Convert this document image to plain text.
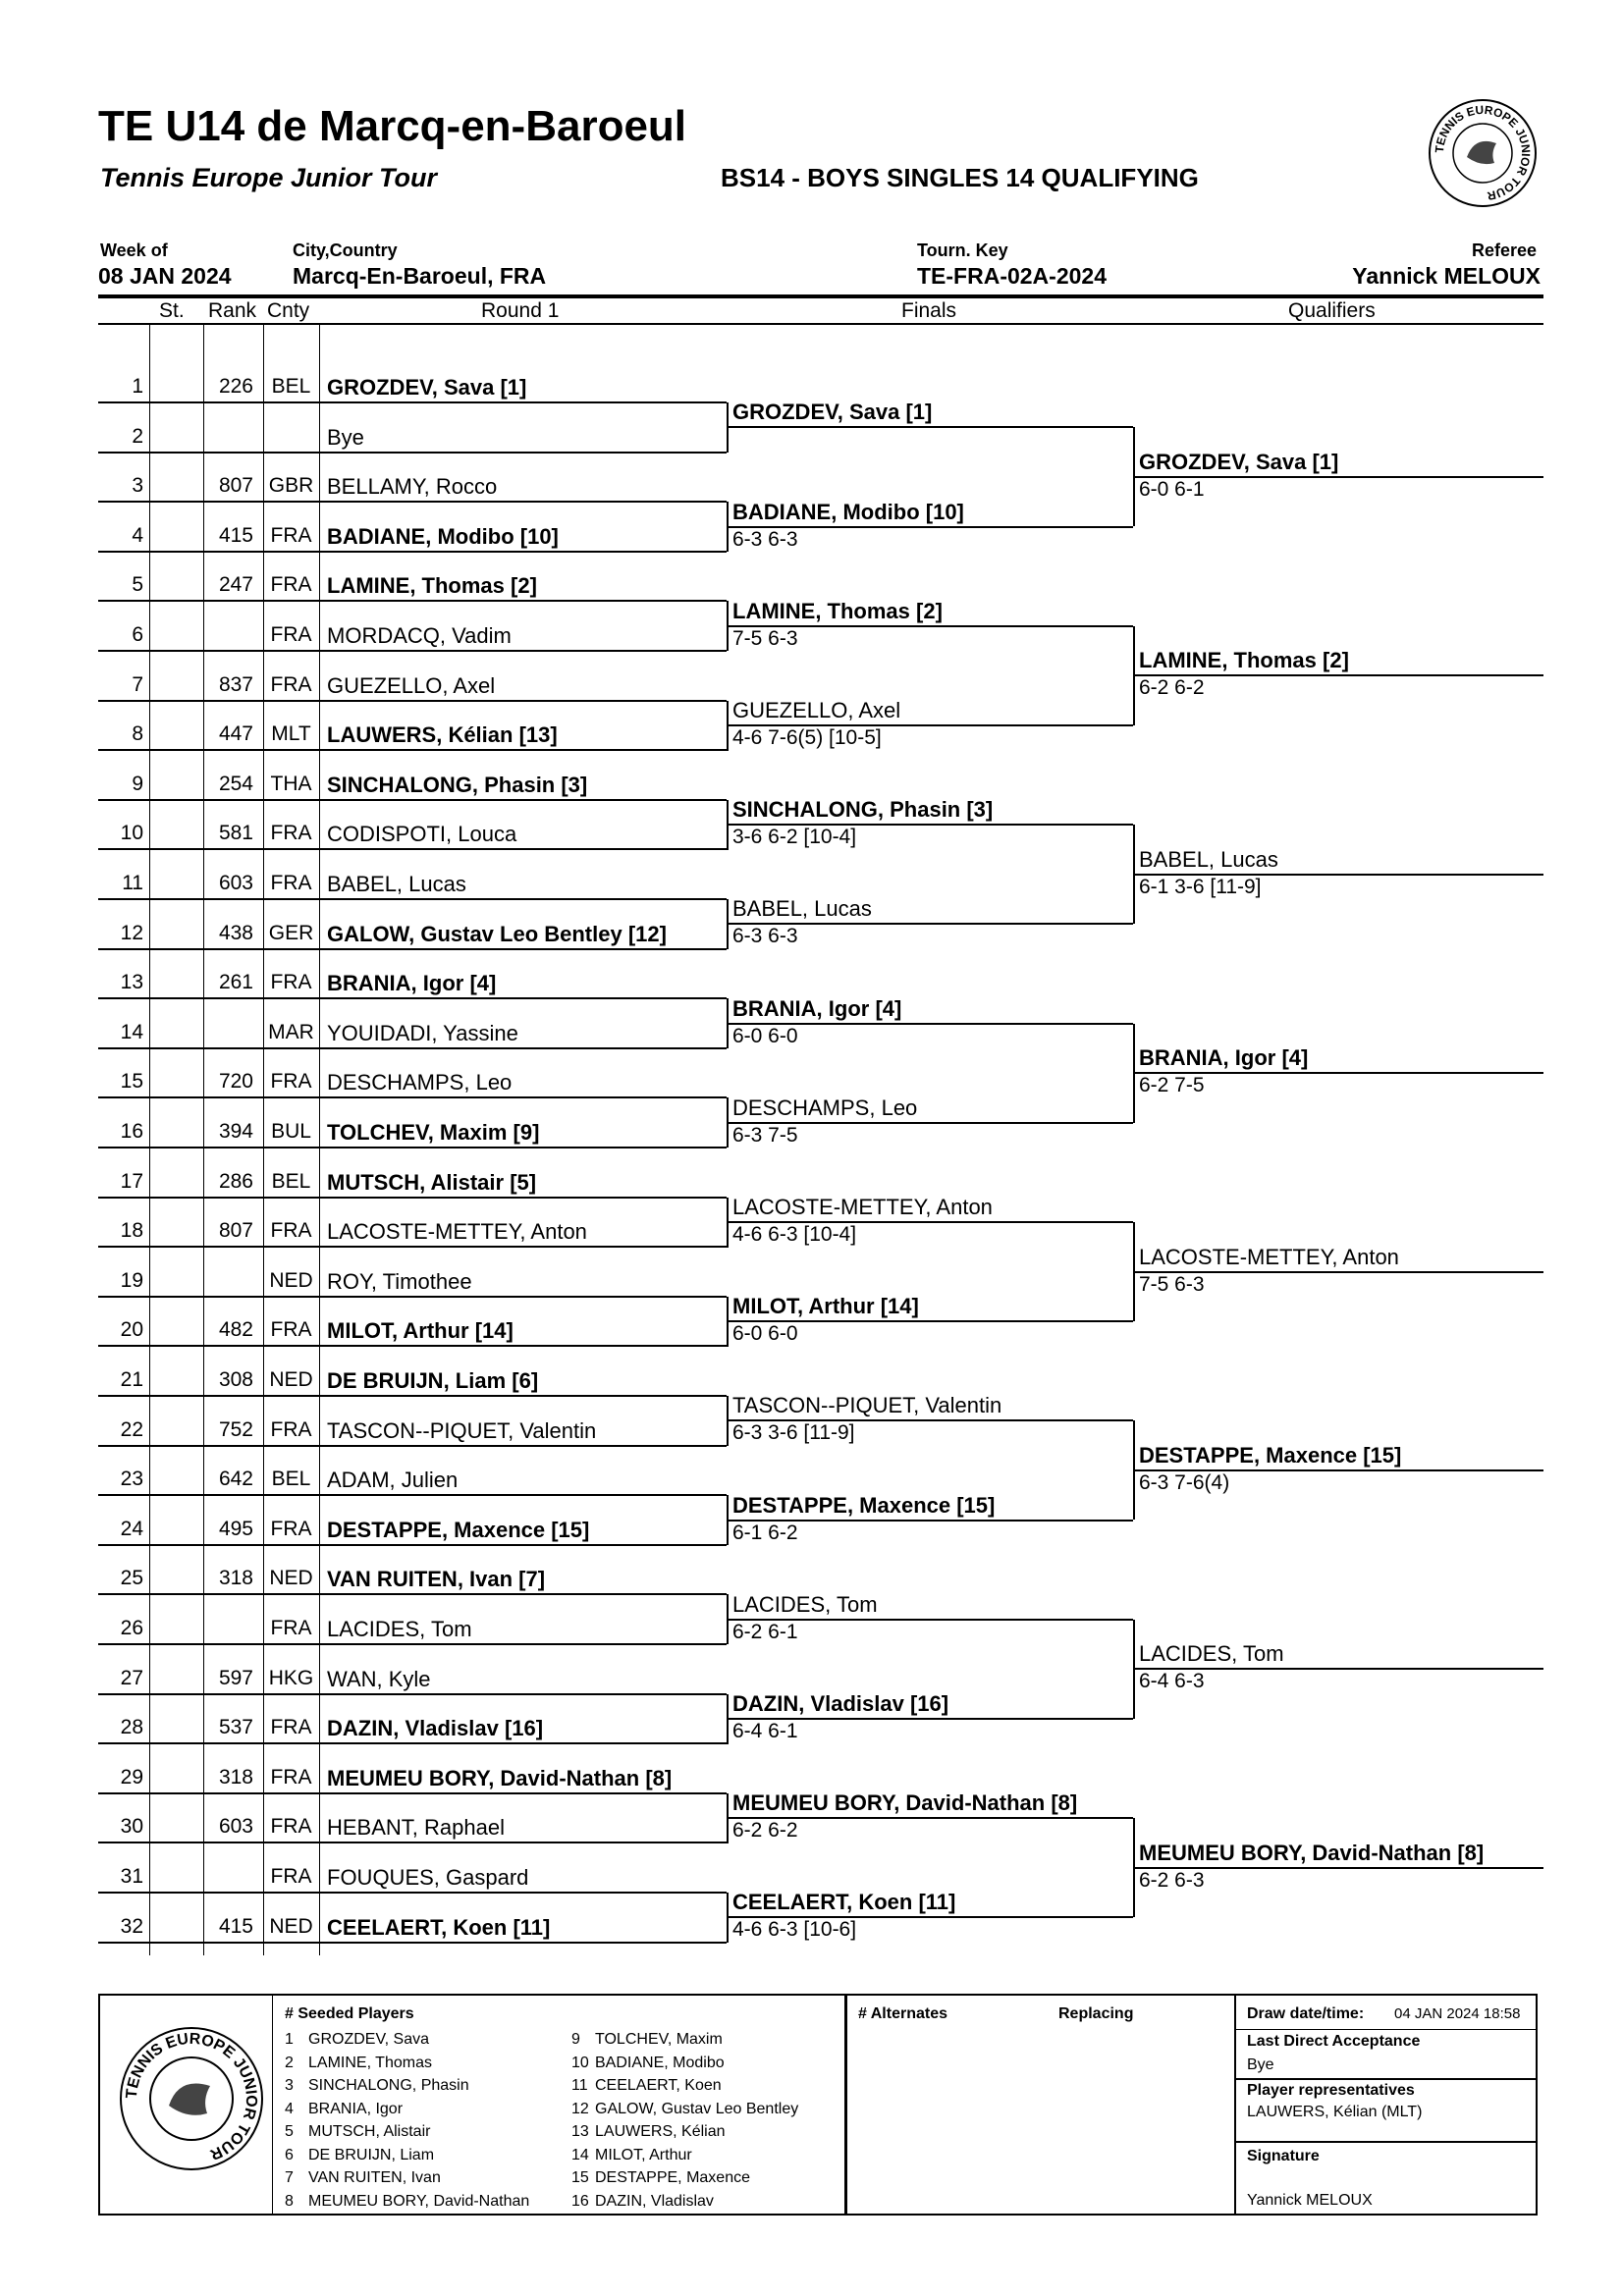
TE U14 de Marcq-en-Baroeul
Tennis Europe Junior Tour	BS14 - BOYS SINGLES 14 QUALIFYING
TENNIS EUROPE JUNIOR TOUR
Week of
08 JAN 2024
City,Country
Marcq-En-Baroeul, FRA
Tourn. Key
TE-FRA-02A-2024
Referee
Yannick MELOUX
St. Rank Cnty	Round 1	Finals	Qualifiers
1	226 BEL GROZDEV, Sava [1]
2	Bye
3	807 GBR BELLAMY, Rocco
4	415 FRA BADIANE, Modibo [10]
5	247 FRA LAMINE, Thomas [2]
6	FRA MORDACQ, Vadim
7	837 FRA GUEZELLO, Axel
8	447 MLT LAUWERS, Kélian [13]
9	254 THA SINCHALONG, Phasin [3]
10	581 FRA CODISPOTI, Louca
11	603 FRA BABEL, Lucas
12	438 GER GALOW, Gustav Leo Bentley [12]
13	261 FRA BRANIA, Igor [4]
14	MAR YOUIDADI, Yassine
15	720 FRA DESCHAMPS, Leo
16	394 BUL TOLCHEV, Maxim [9]
17	286 BEL MUTSCH, Alistair [5]
18	807 FRA LACOSTE-METTEY, Anton
19	NED ROY, Timothee
20	482 FRA MILOT, Arthur [14]
21	308 NED DE BRUIJN, Liam [6]
22	752 FRA TASCON--PIQUET, Valentin
23	642 BEL ADAM, Julien
24	495 FRA DESTAPPE, Maxence [15]
25	318 NED VAN RUITEN, Ivan [7]
26	FRA LACIDES, Tom
27	597 HKG WAN, Kyle
28	537 FRA DAZIN, Vladislav [16]
29	318 FRA MEUMEU BORY, David-Nathan [8]
30	603 FRA HEBANT, Raphael
31	FRA FOUQUES, Gaspard
32	415 NED CEELAERT, Koen [11]
GROZDEV, Sava [1]
BADIANE, Modibo [10]
6-3 6-3
LAMINE, Thomas [2]
7-5 6-3
GUEZELLO, Axel
4-6 7-6(5) [10-5]
SINCHALONG, Phasin [3]
3-6 6-2 [10-4]
BABEL, Lucas
6-3 6-3
BRANIA, Igor [4]
6-0 6-0
DESCHAMPS, Leo
6-3 7-5
LACOSTE-METTEY, Anton
4-6 6-3 [10-4]
MILOT, Arthur [14]
6-0 6-0
TASCON--PIQUET, Valentin
6-3 3-6 [11-9]
DESTAPPE, Maxence [15]
6-1 6-2
LACIDES, Tom
6-2 6-1
DAZIN, Vladislav [16]
6-4 6-1
MEUMEU BORY, David-Nathan [8]
6-2 6-2
CEELAERT, Koen [11]
4-6 6-3 [10-6]
GROZDEV, Sava [1]
6-0 6-1
LAMINE, Thomas [2]
6-2 6-2
BABEL, Lucas
6-1 3-6 [11-9]
BRANIA, Igor [4]
6-2 7-5
LACOSTE-METTEY, Anton
7-5 6-3
DESTAPPE, Maxence [15]
6-3 7-6(4)
LACIDES, Tom
6-4 6-3
MEUMEU BORY, David-Nathan [8]
6-2 6-3
TENNIS EUROPE JUNIOR TOUR
# Seeded Players
1 GROZDEV, Sava
2 LAMINE, Thomas
3 SINCHALONG, Phasin
4 BRANIA, Igor
5 MUTSCH, Alistair
6 DE BRUIJN, Liam
7 VAN RUITEN, Ivan
8 MEUMEU BORY, David-Nathan
9 TOLCHEV, Maxim
10 BADIANE, Modibo
11 CEELAERT, Koen
12 GALOW, Gustav Leo Bentley
13 LAUWERS, Kélian
14 MILOT, Arthur
15 DESTAPPE, Maxence
16 DAZIN, Vladislav
# Alternates	Replacing	Draw date/time: 04 JAN 2024 18:58
Last Direct Acceptance
Bye
Player representatives
LAUWERS, Kélian (MLT)
Signature
Yannick MELOUX
